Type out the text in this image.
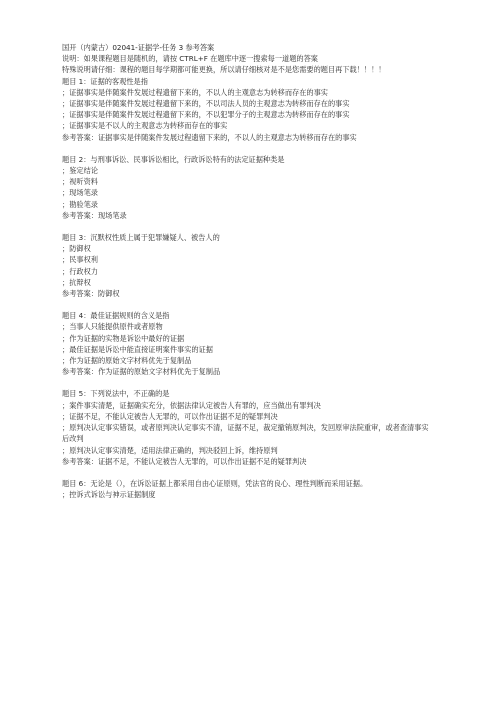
国开（内蒙古）02041-证据学-任务 3 参考答案
说明：如果课程题目是随机的，请按 CTRL+F 在题库中逐一搜索每一道题的答案
特殊说明请仔细：课程的题目每学期都可能更换，所以请仔细核对是不是您需要的题目再下载！！！！
题目 1：证据的客观性是指
；证据事实是伴随案件发展过程遗留下来的，不以人的主观意志为转移而存在的事实
；证据事实是伴随案件发展过程遗留下来的，不以司法人员的主观意志为转移而存在的事实
；证据事实是伴随案件发展过程遗留下来的，不以犯罪分子的主观意志为转移而存在的事实
；证据事实是不以人的主观意志为转移而存在的事实
参考答案：证据事实是伴随案件发展过程遗留下来的，不以人的主观意志为转移而存在的事实
题目 2：与刑事诉讼、民事诉讼相比，行政诉讼特有的法定证据种类是
；鉴定结论
；视听资料
；现场笔录
；勘验笔录
参考答案：现场笔录
题目 3：沉默权性质上属于犯罪嫌疑人、被告人的
；防御权
；民事权利
；行政权力
；抗辩权
参考答案：防御权
题目 4：最佳证据规则的含义是指
；当事人只能提供原件或者原物
；作为证据的实物是诉讼中最好的证据
；最佳证据是诉讼中能直接证明案件事实的证据
；作为证据的原始文字材料优先于复制品
参考答案：作为证据的原始文字材料优先于复制品
题目 5：下列说法中，不正确的是
；案件事实清楚，证据确实充分，依据法律认定被告人有罪的，应当做出有罪判决
；证据不足，不能认定被告人无罪的，可以作出证据不足的疑罪判决
；原判决认定事实错误，或者原判决认定事实不清，证据不足，裁定撤销原判决，发回原审法院重审，或者查清事实后改判
；原判决认定事实清楚，适用法律正确的，判决驳回上诉，维持原判
参考答案：证据不足，不能认定被告人无罪的，可以作出证据不足的疑罪判决
题目 6：无论是（），在诉讼证据上都采用自由心证原则，凭法官的良心、理性判断而采用证据。
；控诉式诉讼与神示证据制度
